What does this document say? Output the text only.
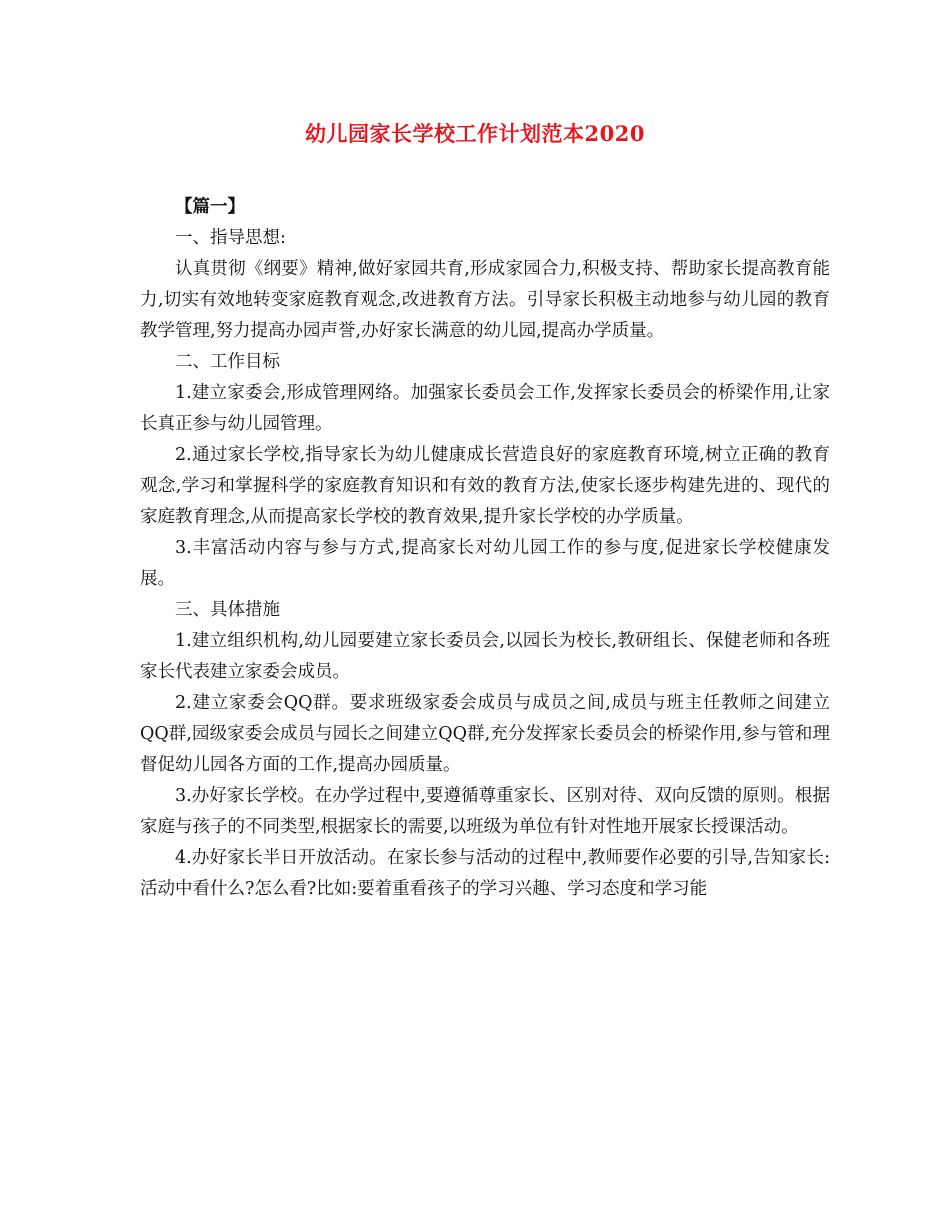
幼儿园家长学校工作计划范本2020

【篇一】

一、指导思想:

认真贯彻《纲要》精神,做好家园共育,形成家园合力,积极支持、帮助家长提高教育能力,切实有效地转变家庭教育观念,改进教育方法。引导家长积极主动地参与幼儿园的教育教学管理,努力提高办园声誉,办好家长满意的幼儿园,提高办学质量。

二、工作目标

1.建立家委会,形成管理网络。加强家长委员会工作,发挥家长委员会的桥梁作用,让家长真正参与幼儿园管理。

2.通过家长学校,指导家长为幼儿健康成长营造良好的家庭教育环境,树立正确的教育观念,学习和掌握科学的家庭教育知识和有效的教育方法,使家长逐步构建先进的、现代的家庭教育理念,从而提高家长学校的教育效果,提升家长学校的办学质量。

3.丰富活动内容与参与方式,提高家长对幼儿园工作的参与度,促进家长学校健康发展。

三、具体措施

1.建立组织机构,幼儿园要建立家长委员会,以园长为校长,教研组长、保健老师和各班家长代表建立家委会成员。

2.建立家委会QQ群。要求班级家委会成员与成员之间,成员与班主任教师之间建立QQ群,园级家委会成员与园长之间建立QQ群,充分发挥家长委员会的桥梁作用,参与管和理督促幼儿园各方面的工作,提高办园质量。

3.办好家长学校。在办学过程中,要遵循尊重家长、区别对待、双向反馈的原则。根据家庭与孩子的不同类型,根据家长的需要,以班级为单位有针对性地开展家长授课活动。

4.办好家长半日开放活动。在家长参与活动的过程中,教师要作必要的引导,告知家长:活动中看什么?怎么看?比如:要着重看孩子的学习兴趣、学习态度和学习能
